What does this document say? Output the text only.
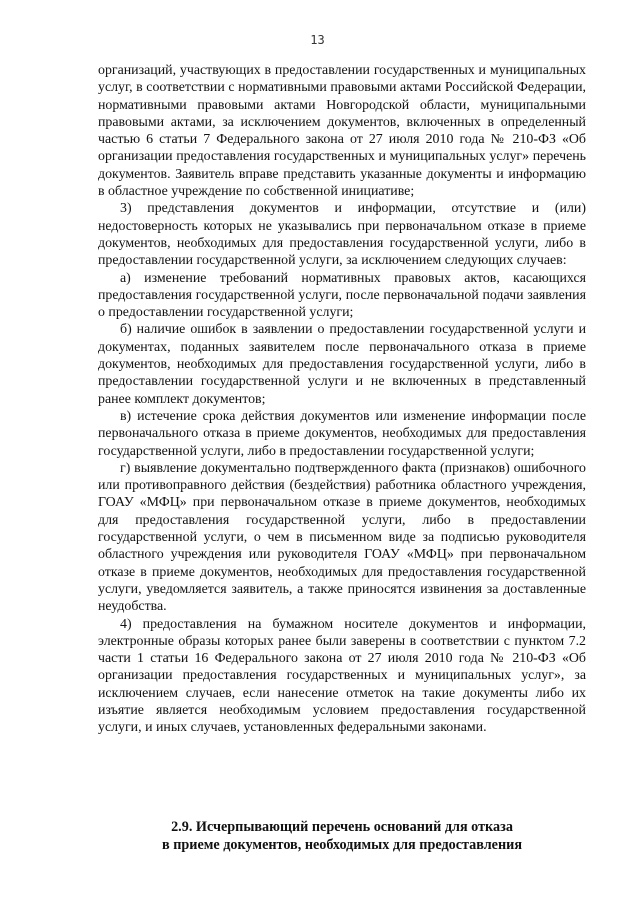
13

организаций, участвующих в предоставлении государственных и муниципальных услуг, в соответствии с нормативными правовыми актами Российской Федерации, нормативными правовыми актами Новгородской области, муниципальными правовыми актами, за исключением документов, включенных в определенный частью 6 статьи 7 Федерального закона от 27 июля 2010 года № 210-ФЗ «Об организации предоставления государственных и муниципальных услуг» перечень документов. Заявитель вправе представить указанные документы и информацию в областное учреждение по собственной инициативе;

3) представления документов и информации, отсутствие и (или) недостоверность которых не указывались при первоначальном отказе в приеме документов, необходимых для предоставления государственной услуги, либо в предоставлении государственной услуги, за исключением следующих случаев:

а) изменение требований нормативных правовых актов, касающихся предоставления государственной услуги, после первоначальной подачи заявления о предоставлении государственной услуги;

б) наличие ошибок в заявлении о предоставлении государственной услуги и документах, поданных заявителем после первоначального отказа в приеме документов, необходимых для предоставления государственной услуги, либо в предоставлении государственной услуги и не включенных в представленный ранее комплект документов;

в) истечение срока действия документов или изменение информации после первоначального отказа в приеме документов, необходимых для предоставления государственной услуги, либо в предоставлении государственной услуги;

г) выявление документально подтвержденного факта (признаков) ошибочного или противоправного действия (бездействия) работника областного учреждения, ГОАУ «МФЦ» при первоначальном отказе в приеме документов, необходимых для предоставления государственной услуги, либо в предоставлении государственной услуги, о чем в письменном виде за подписью руководителя областного учреждения или руководителя ГОАУ «МФЦ» при первоначальном отказе в приеме документов, необходимых для предоставления государственной услуги, уведомляется заявитель, а также приносятся извинения за доставленные неудобства.

4) предоставления на бумажном носителе документов и информации, электронные образы которых ранее были заверены в соответствии с пунктом 7.2 части 1 статьи 16 Федерального закона от 27 июля 2010 года № 210-ФЗ «Об организации предоставления государственных и муниципальных услуг», за исключением случаев, если нанесение отметок на такие документы либо их изъятие является необходимым условием предоставления государственной услуги, и иных случаев, установленных федеральными законами.

2.9. Исчерпывающий перечень оснований для отказа
в приеме документов, необходимых для предоставления
